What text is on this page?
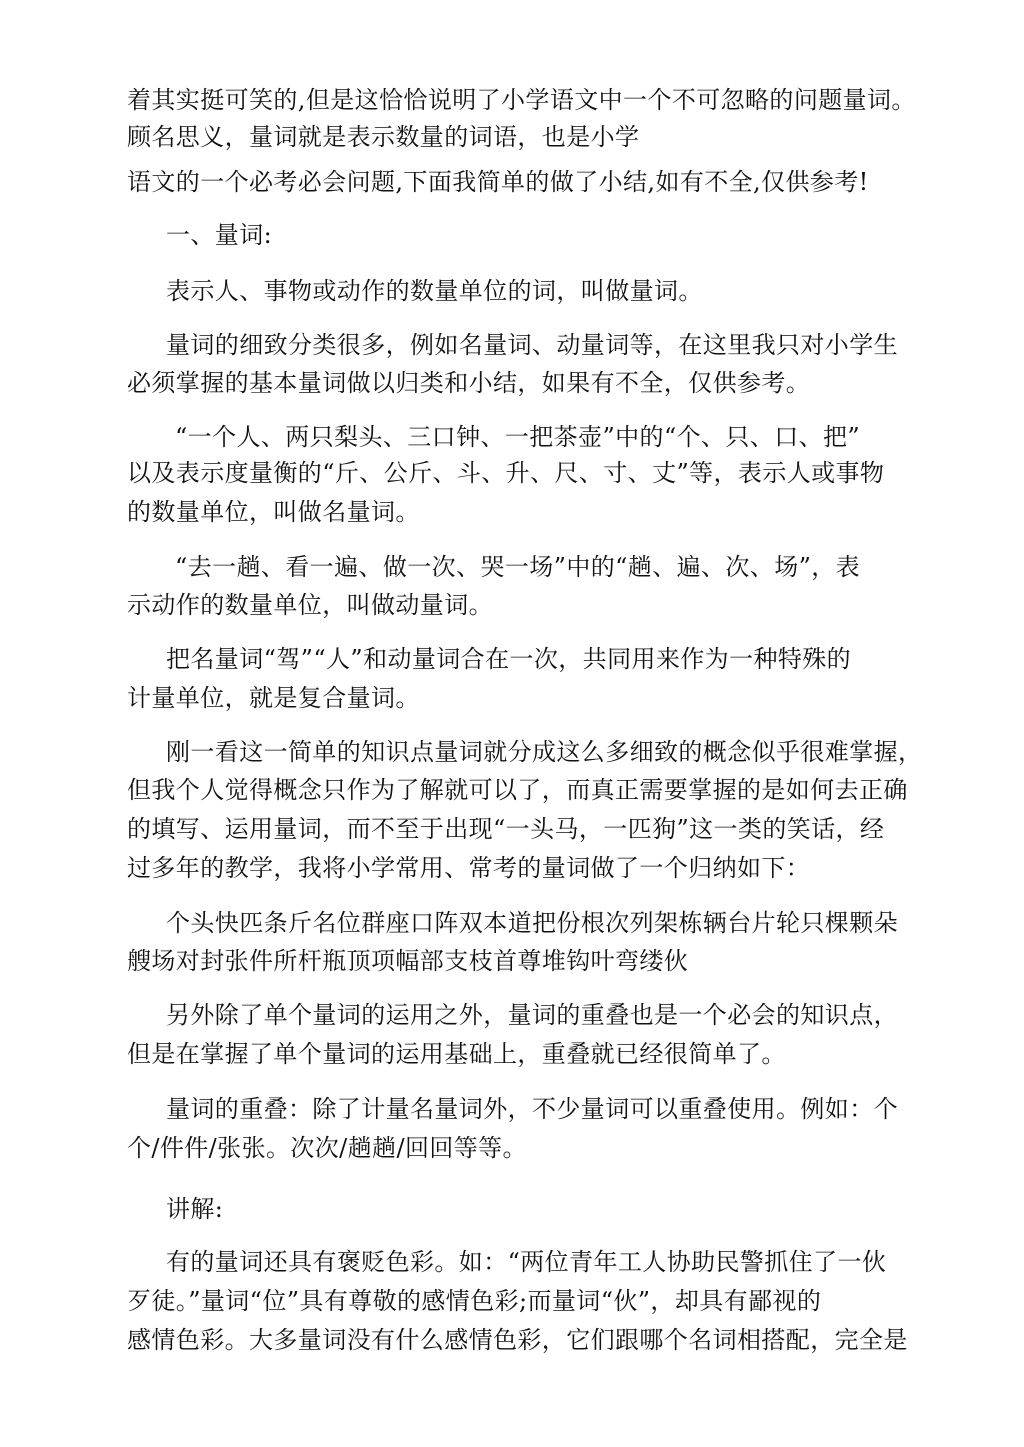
着其实挺可笑的,但是这恰恰说明了小学语文中一个不可忽略的问题量词。
顾名思义，量词就是表示数量的词语，也是小学
语文的一个必考必会问题,下面我简单的做了小结,如有不全,仅供参考!
一、量词:
表示人、事物或动作的数量单位的词，叫做量词。
量词的细致分类很多，例如名量词、动量词等，在这里我只对小学生
必须掌握的基本量词做以归类和小结，如果有不全，仅供参考。
“一个人、两只梨头、三口钟、一把茶壶”中的“个、只、口、把”
以及表示度量衡的“斤、公斤、斗、升、尺、寸、丈”等，表示人或事物
的数量单位，叫做名量词。
“去一趟、看一遍、做一次、哭一场”中的“趟、遍、次、场”，表
示动作的数量单位，叫做动量词。
把名量词“驾”“人”和动量词合在一次，共同用来作为一种特殊的
计量单位，就是复合量词。
刚一看这一简单的知识点量词就分成这么多细致的概念似乎很难掌握，
但我个人觉得概念只作为了解就可以了，而真正需要掌握的是如何去正确
的填写、运用量词，而不至于出现“一头马，一匹狗”这一类的笑话，经
过多年的教学，我将小学常用、常考的量词做了一个归纳如下：
个头快匹条斤名位群座口阵双本道把份根次列架栋辆台片轮只棵颗朵
艘场对封张件所杆瓶顶项幅部支枝首尊堆钩叶弯缕伙
另外除了单个量词的运用之外，量词的重叠也是一个必会的知识点，
但是在掌握了单个量词的运用基础上，重叠就已经很简单了。
量词的重叠：除了计量名量词外，不少量词可以重叠使用。例如：个
个/件件/张张。次次/趟趟/回回等等。
讲解:
有的量词还具有褒贬色彩。如：“两位青年工人协助民警抓住了一伙
歹徒。”量词“位”具有尊敬的感情色彩;而量词“伙”，却具有鄙视的
感情色彩。大多量词没有什么感情色彩，它们跟哪个名词相搭配，完全是
